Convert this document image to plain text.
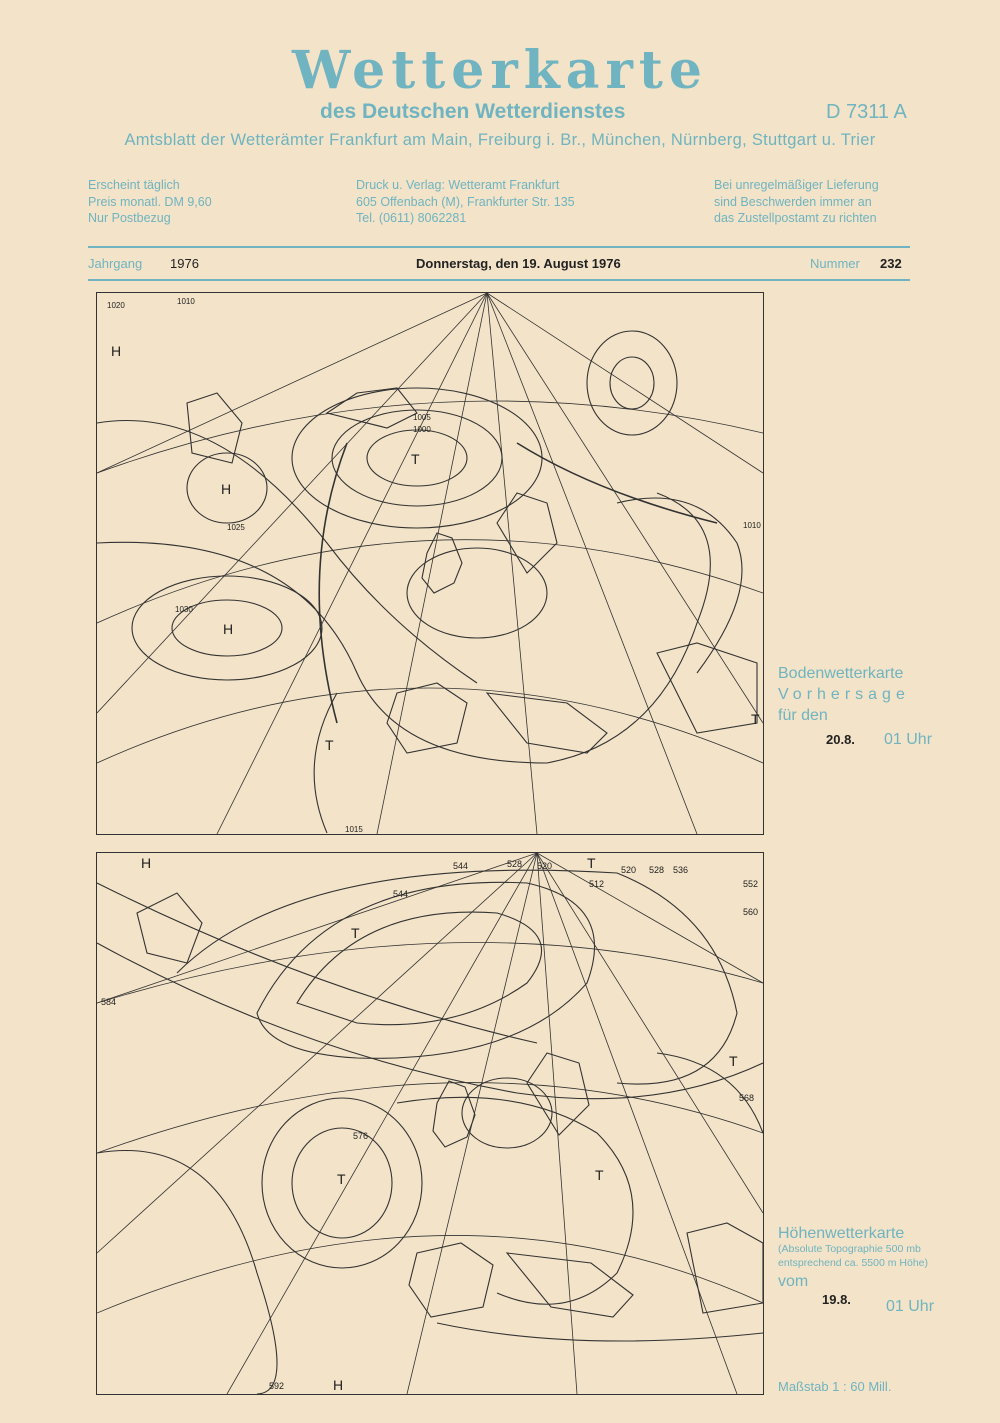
Wetterkarte
des Deutschen Wetterdienstes	D 7311 A
Amtsblatt der Wetterämter Frankfurt am Main, Freiburg i. Br., München, Nürnberg, Stuttgart u. Trier
Erscheint täglich
Preis monatl. DM 9,60
Nur Postbezug
Druck u. Verlag: Wetteramt Frankfurt
605 Offenbach (M), Frankfurter Str. 135
Tel. (0611) 8062281
Bei unregelmäßiger Lieferung
sind Beschwerden immer an
das Zustellpostamt zu richten
Jahrgang 1976	Donnerstag, den 19. August 1976	Nummer 232
1020	1010
1005
1000
1025
1030
1015
1010
H
H
H
T
T
T
Bodenwetterkarte
Vorhersage
für den
20.8. 01 Uhr
544	528 520
512
520 528 536
544
552
560
568
576
584
592
H
T
T	T
T
T
H
Höhenwetterkarte
(Absolute Topographie 500 mb
entsprechend ca. 5500 m Höhe)
vom
19.8. 01 Uhr
Maßstab 1 : 60 Mill.
